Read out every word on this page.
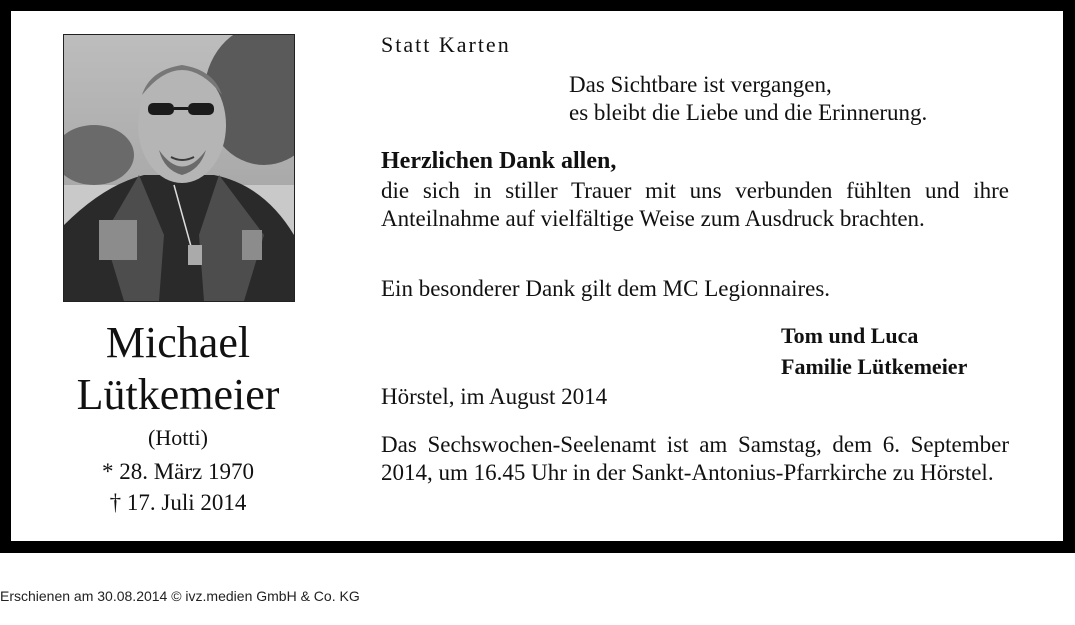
Michael
Lütkemeier
(Hotti)
* 28. März 1970
† 17. Juli 2014
Statt Karten
Das Sichtbare ist vergangen,
es bleibt die Liebe und die Erinnerung.
Herzlichen Dank allen,
die sich in stiller Trauer mit uns verbunden fühlten und ihre Anteilnahme auf vielfältige Weise zum Ausdruck brachten.
Ein besonderer Dank gilt dem MC Legionnaires.
Tom und Luca
Familie Lütkemeier
Hörstel, im August 2014
Das Sechswochen-Seelenamt ist am Samstag, dem 6. September 2014, um 16.45 Uhr in der Sankt-Antonius-Pfarrkirche zu Hörstel.
Erschienen am 30.08.2014 © ivz.medien GmbH & Co. KG
